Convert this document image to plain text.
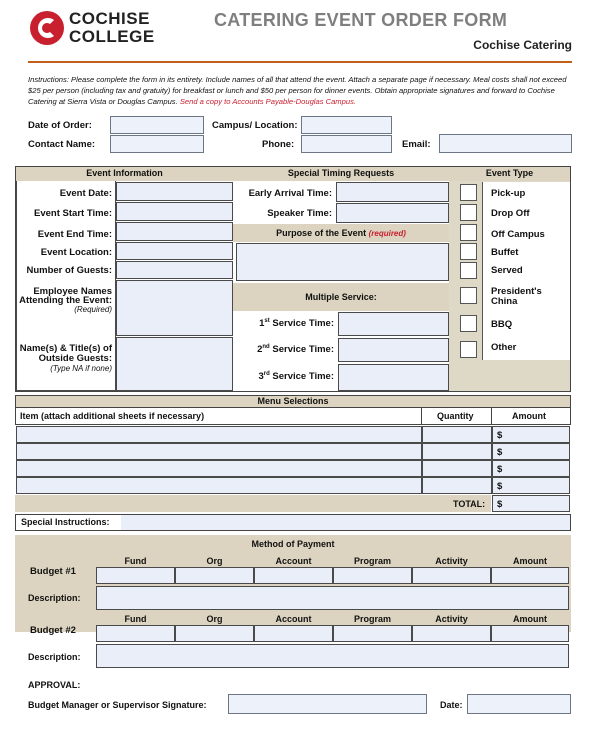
COCHISE
COLLEGE
CATERING EVENT ORDER FORM
Cochise Catering
Instructions: Please complete the form in its entirety. Include names of all that attend the event. Attach a separate page if necessary. Meal costs shall not exceed $25 per person (including tax and gratuity) for breakfast or lunch and $50 per person for dinner events. Obtain appropriate signatures and forward to Cochise Catering at Sierra Vista or Douglas Campus. Send a copy to Accounts Payable-Douglas Campus.
Date of Order:	Campus/ Location:
Contact Name:	Phone:	Email:
Event Information	Special Timing Requests	Event Type
Event Date:
Event Start Time:
Event End Time:
Event Location:
Number of Guests:
Employee Names Attending the Event:
(Required)
Name(s) & Title(s) of Outside Guests:
(Type NA if none)
Early Arrival Time:
Speaker Time:
Purpose of the Event (required)
Multiple Service:
1st Service Time:
2nd Service Time:
3rd Service Time:
Pick-up
Drop Off
Off Campus
Buffet
Served
President's China
BBQ
Other
Menu Selections
Item (attach additional sheets if necessary)	Quantity	Amount
$
$
$
$
TOTAL: $
Special Instructions:
Method of Payment
Budget #1
Fund	Org	Account	Program	Activity	Amount
Description:
Budget #2
Fund	Org	Account	Program	Activity	Amount
Description:
APPROVAL:
Budget Manager or Supervisor Signature:	Date:
